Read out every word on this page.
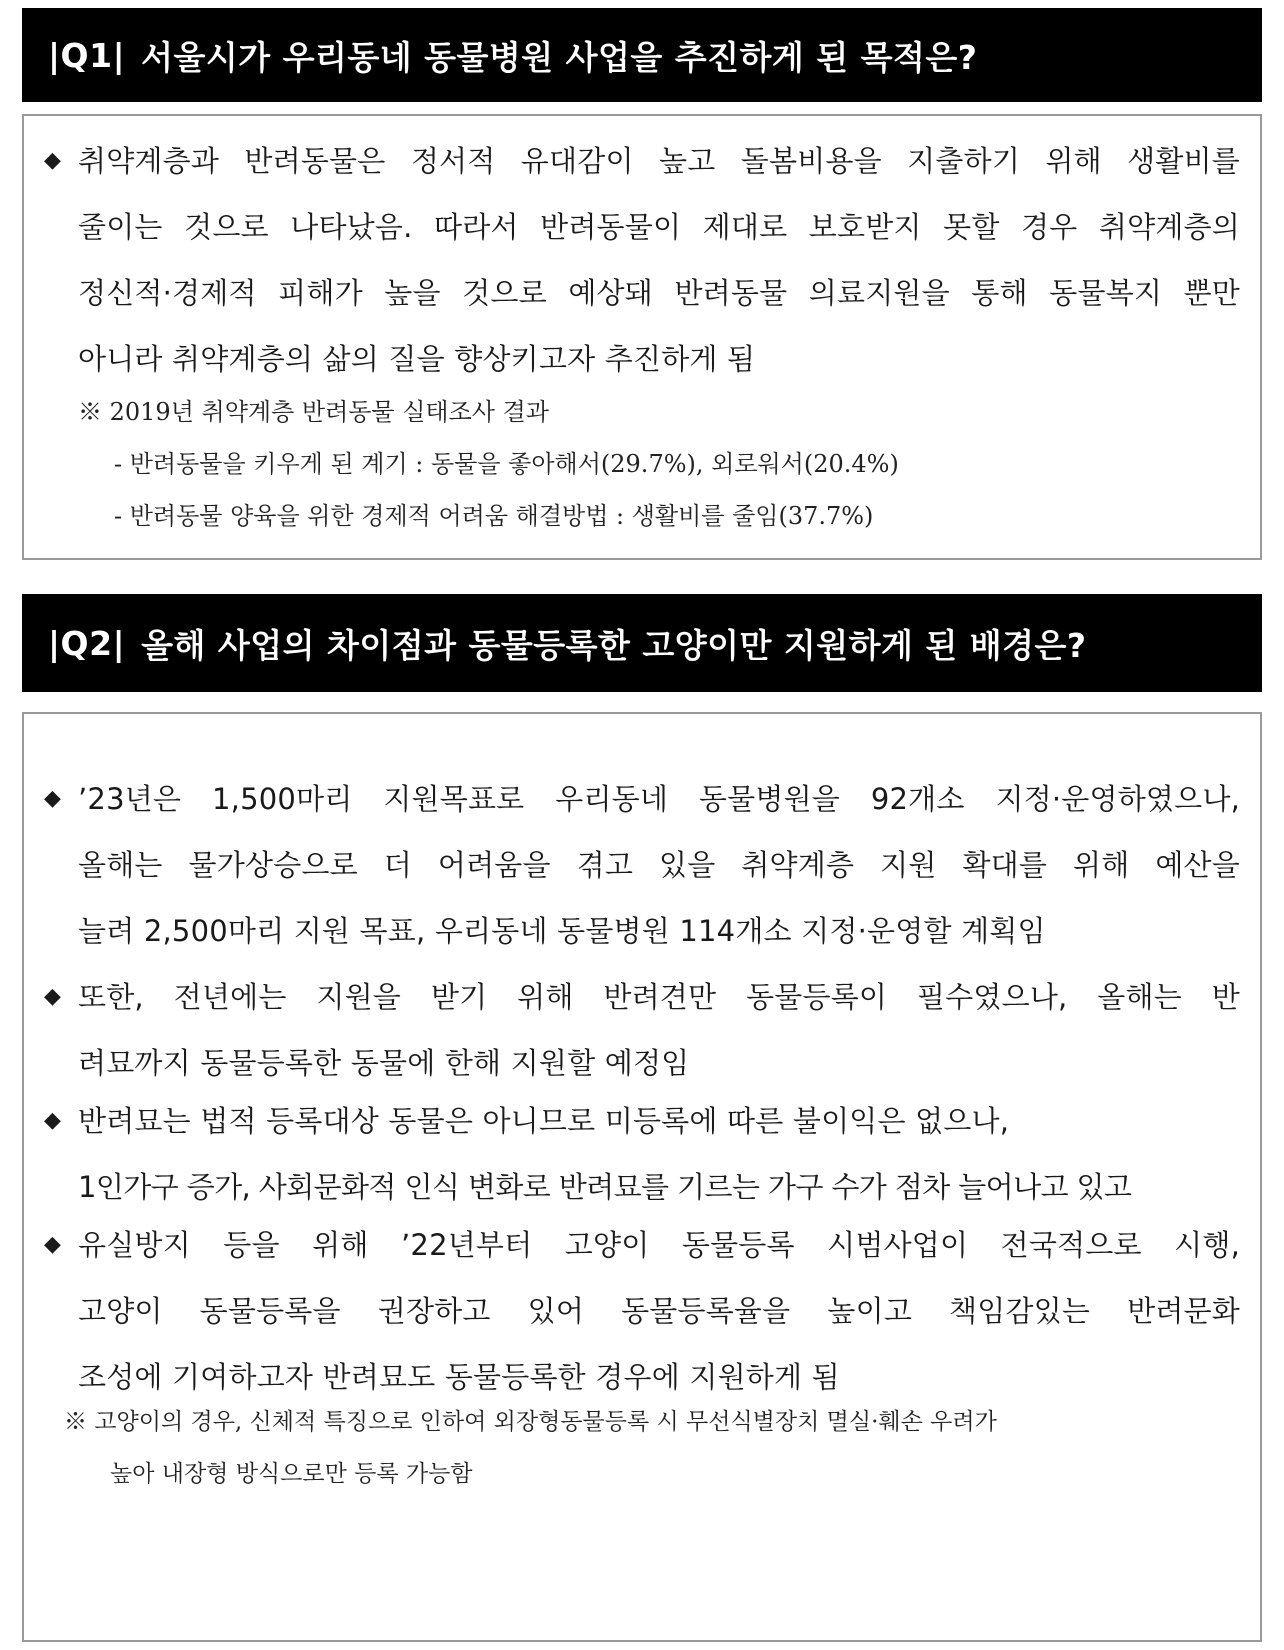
|Q1| 서울시가 우리동네 동물병원 사업을 추진하게 된 목적은?
◆ 취약계층과 반려동물은 정서적 유대감이 높고 돌봄비용을 지출하기 위해 생활비를
줄이는 것으로 나타났음. 따라서 반려동물이 제대로 보호받지 못할 경우 취약계층의
정신적·경제적 피해가 높을 것으로 예상돼 반려동물 의료지원을 통해 동물복지 뿐만
아니라 취약계층의 삶의 질을 향상키고자 추진하게 됨
※ 2019년 취약계층 반려동물 실태조사 결과
- 반려동물을 키우게 된 계기 : 동물을 좋아해서(29.7%), 외로워서(20.4%)
- 반려동물 양육을 위한 경제적 어려움 해결방법 : 생활비를 줄임(37.7%)
|Q2| 올해 사업의 차이점과 동물등록한 고양이만 지원하게 된 배경은?
◆ ’23년은 1,500마리 지원목표로 우리동네 동물병원을 92개소 지정·운영하였으나,
올해는 물가상승으로 더 어려움을 겪고 있을 취약계층 지원 확대를 위해 예산을
늘려 2,500마리 지원 목표, 우리동네 동물병원 114개소 지정·운영할 계획임
◆ 또한, 전년에는 지원을 받기 위해 반려견만 동물등록이 필수였으나, 올해는 반
려묘까지 동물등록한 동물에 한해 지원할 예정임
◆ 반려묘는 법적 등록대상 동물은 아니므로 미등록에 따른 불이익은 없으나,
1인가구 증가, 사회문화적 인식 변화로 반려묘를 기르는 가구 수가 점차 늘어나고 있고
◆ 유실방지 등을 위해 ’22년부터 고양이 동물등록 시범사업이 전국적으로 시행,
고양이 동물등록을 권장하고 있어 동물등록율을 높이고 책임감있는 반려문화
조성에 기여하고자 반려묘도 동물등록한 경우에 지원하게 됨
※ 고양이의 경우, 신체적 특징으로 인하여 외장형동물등록 시 무선식별장치 멸실·훼손 우려가
높아 내장형 방식으로만 등록 가능함
